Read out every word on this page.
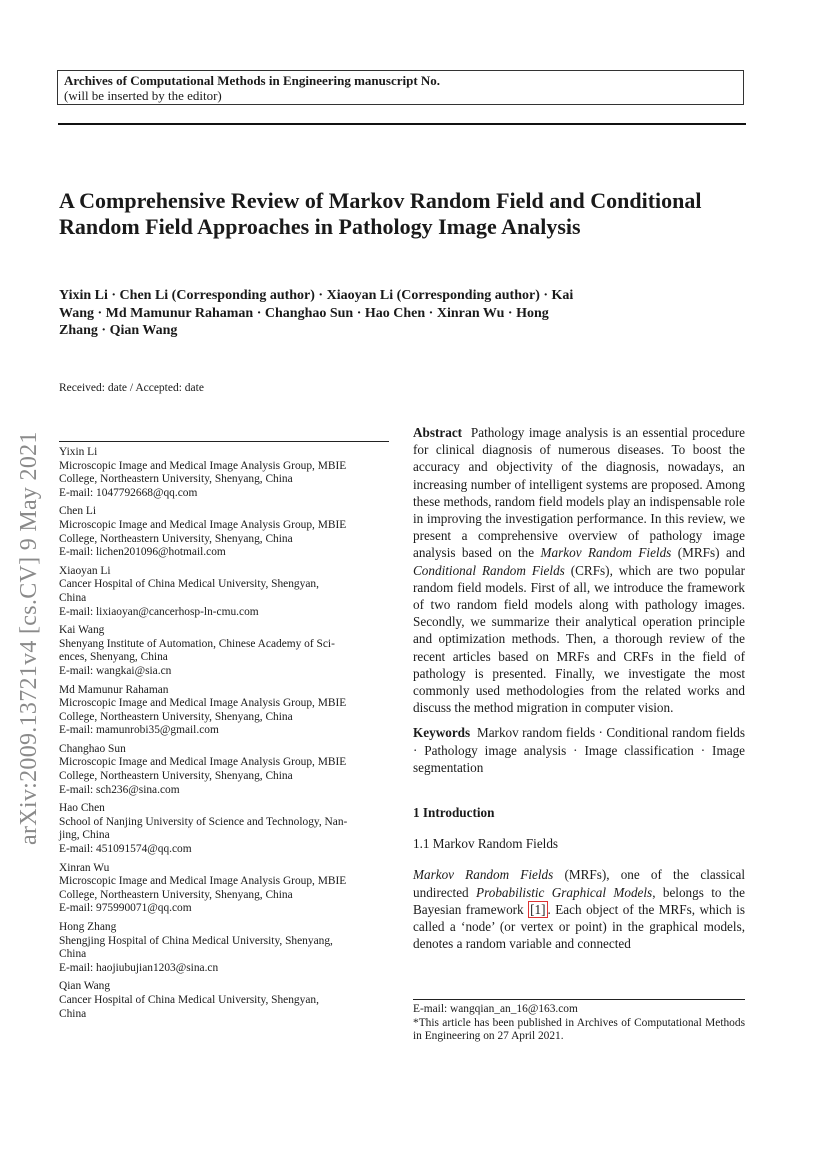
Archives of Computational Methods in Engineering manuscript No.
(will be inserted by the editor)
A Comprehensive Review of Markov Random Field and Conditional Random Field Approaches in Pathology Image Analysis
Yixin Li · Chen Li (Corresponding author) · Xiaoyan Li (Corresponding author) · Kai Wang · Md Mamunur Rahaman · Changhao Sun · Hao Chen · Xinran Wu · Hong Zhang · Qian Wang
arXiv:2009.13721v4 [cs.CV] 9 May 2021
Received: date / Accepted: date
Yixin Li
Microscopic Image and Medical Image Analysis Group, MBIE
College, Northeastern University, Shenyang, China
E-mail: 1047792668@qq.com
Chen Li
Microscopic Image and Medical Image Analysis Group, MBIE
College, Northeastern University, Shenyang, China
E-mail: lichen201096@hotmail.com
Xiaoyan Li
Cancer Hospital of China Medical University, Shengyan,
China
E-mail: lixiaoyan@cancerhosp-ln-cmu.com
Kai Wang
Shenyang Institute of Automation, Chinese Academy of Sci-
ences, Shenyang, China
E-mail: wangkai@sia.cn
Md Mamunur Rahaman
Microscopic Image and Medical Image Analysis Group, MBIE
College, Northeastern University, Shenyang, China
E-mail: mamunrobi35@gmail.com
Changhao Sun
Microscopic Image and Medical Image Analysis Group, MBIE
College, Northeastern University, Shenyang, China
E-mail: sch236@sina.com
Hao Chen
School of Nanjing University of Science and Technology, Nan-
jing, China
E-mail: 451091574@qq.com
Xinran Wu
Microscopic Image and Medical Image Analysis Group, MBIE
College, Northeastern University, Shenyang, China
E-mail: 975990071@qq.com
Hong Zhang
Shengjing Hospital of China Medical University, Shenyang,
China
E-mail: haojiubujian1203@sina.cn
Qian Wang
Cancer Hospital of China Medical University, Shengyan,
China

Abstract Pathology image analysis is an essential procedure for clinical diagnosis of numerous diseases. To boost the accuracy and objectivity of the diagnosis, nowadays, an increasing number of intelligent systems are proposed. Among these methods, random field models play an indispensable role in improving the investigation performance. In this review, we present a comprehensive overview of pathology image analysis based on the Markov Random Fields (MRFs) and Conditional Random Fields (CRFs), which are two popular random field models. First of all, we introduce the framework of two random field models along with pathology images. Secondly, we summarize their analytical operation principle and optimization methods. Then, a thorough review of the recent articles based on MRFs and CRFs in the field of pathology is presented. Finally, we investigate the most commonly used methodologies from the related works and discuss the method migration in computer vision.

Keywords Markov random fields · Conditional random fields · Pathology image analysis · Image classification · Image segmentation

1 Introduction

1.1 Markov Random Fields

Markov Random Fields (MRFs), one of the classical undirected Probabilistic Graphical Models, belongs to the Bayesian framework [1] . Each object of the MRFs, which is called a ‘node’ (or vertex or point) in the graphical models, denotes a random variable and connected

E-mail: wangqian_an_16@163.com
*This article has been published in Archives of Computational Methods in Engineering on 27 April 2021.
